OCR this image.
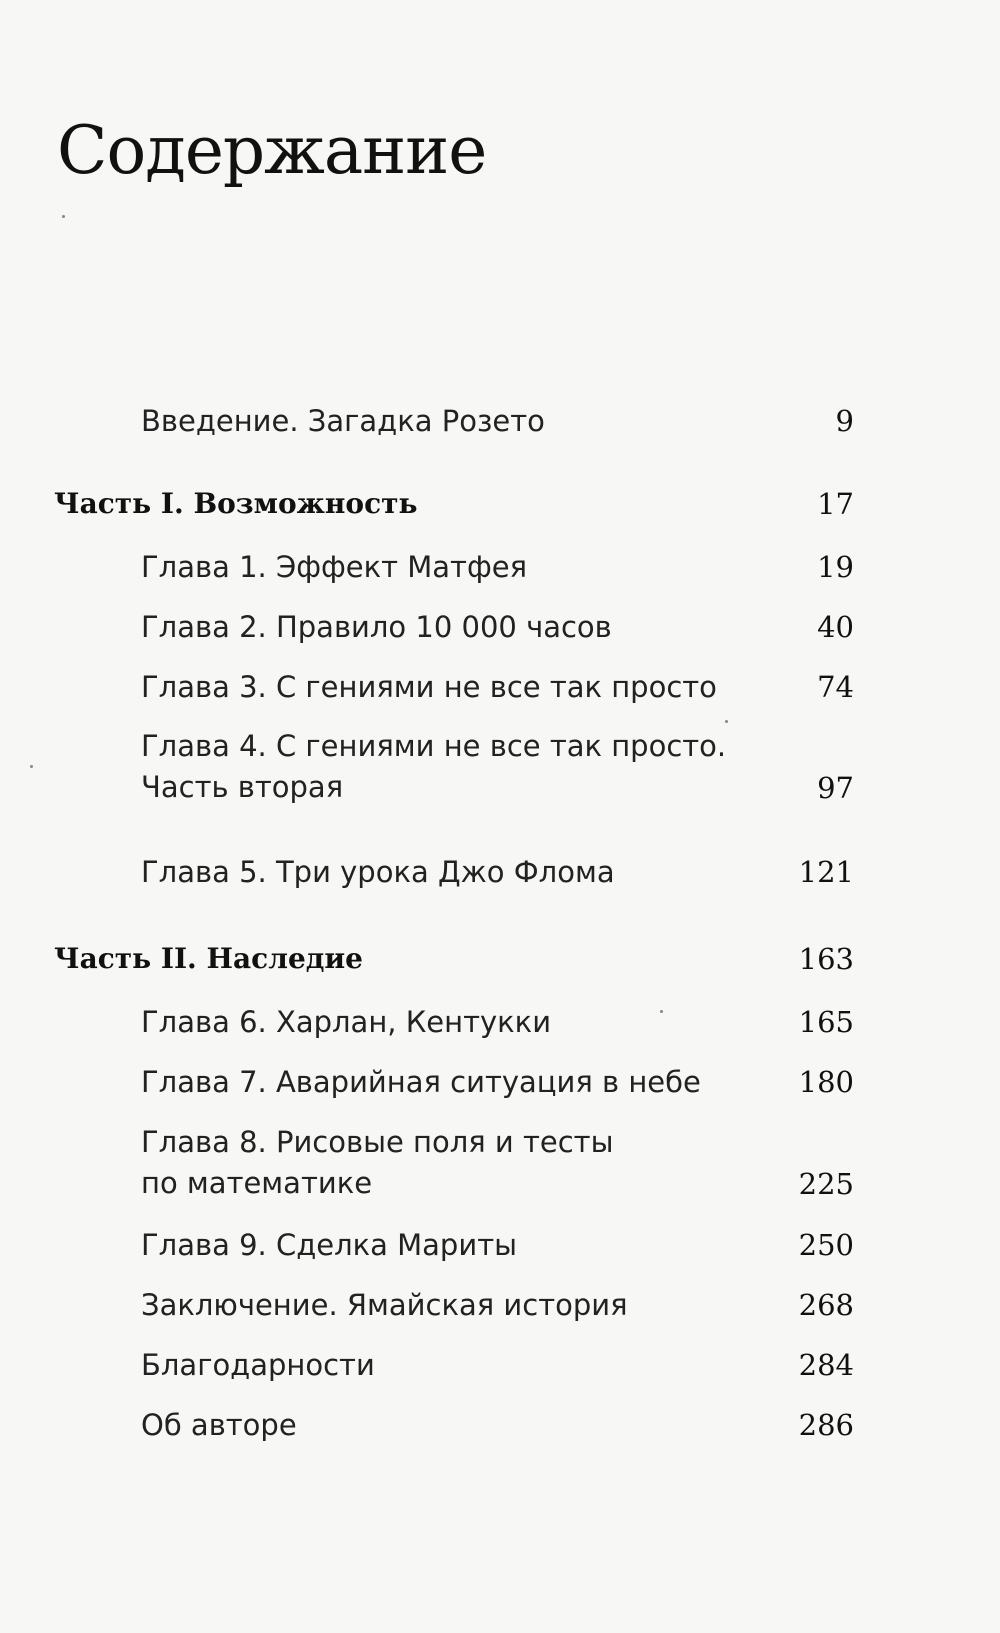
Содержание
Введение. Загадка Розето	9
Часть I. Возможность	17
Глава 1. Эффект Матфея	19
Глава 2. Правило 10 000 часов	40
Глава 3. С гениями не все так просто	74
Глава 4. С гениями не все так просто.
Часть вторая	97
Глава 5. Три урока Джо Флома	121
Часть II. Наследие	163
Глава 6. Харлан, Кентукки	165
Глава 7. Аварийная ситуация в небе	180
Глава 8. Рисовые поля и тесты
по математике	225
Глава 9. Сделка Мариты	250
Заключение. Ямайская история	268
Благодарности	284
Об авторе	286
